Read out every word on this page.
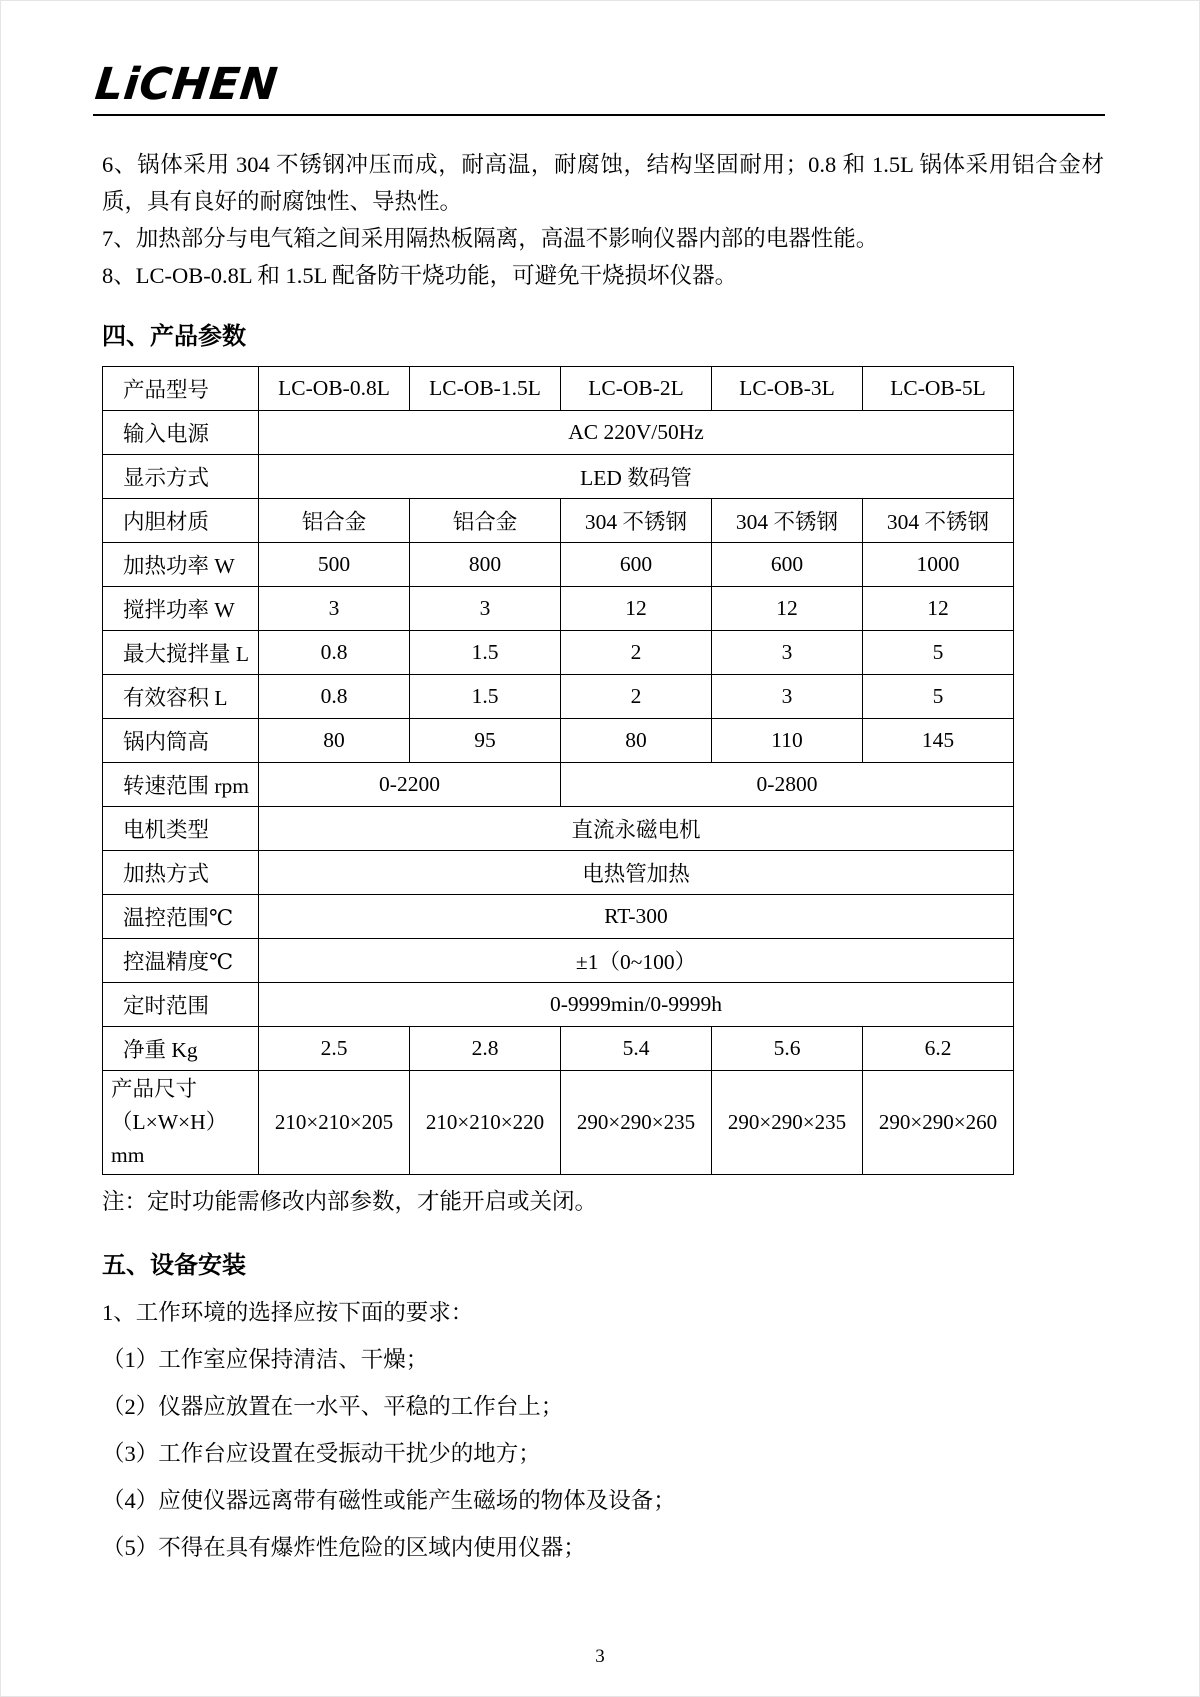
LiCHEN

6、锅体采用 304 不锈钢冲压而成，耐高温，耐腐蚀，结构坚固耐用；0.8 和 1.5L 锅体采用铝合金材质，具有良好的耐腐蚀性、导热性。

7、加热部分与电气箱之间采用隔热板隔离，高温不影响仪器内部的电器性能。

8、LC-OB-0.8L 和 1.5L 配备防干烧功能，可避免干烧损坏仪器。

四、产品参数
产品型号	LC-OB-0.8L	LC-OB-1.5L	LC-OB-2L	LC-OB-3L	LC-OB-5L
输入电源	AC 220V/50Hz				
显示方式	LED 数码管				
内胆材质	铝合金	铝合金	304 不锈钢	304 不锈钢	304 不锈钢
加热功率 W	500	800	600	600	1000
搅拌功率 W	3	3	12	12	12
最大搅拌量 L	0.8	1.5	2	3	5
有效容积 L	0.8	1.5	2	3	5
锅内筒高	80	95	80	110	145
转速范围 rpm	0-2200		0-2800		
电机类型	直流永磁电机				
加热方式	电热管加热				
温控范围℃	RT-300				
控温精度℃	±1（0~100）				
定时范围	0-9999min/0-9999h				
净重 Kg	2.5	2.8	5.4	5.6	6.2

产品尺寸
（L×W×H）mm	210×210×205	210×210×220	290×290×235	290×290×235	290×290×260

注：定时功能需修改内部参数，才能开启或关闭。

五、设备安装

1、工作环境的选择应按下面的要求：

（1）工作室应保持清洁、干燥；

（2）仪器应放置在一水平、平稳的工作台上；

（3）工作台应设置在受振动干扰少的地方；

（4）应使仪器远离带有磁性或能产生磁场的物体及设备；

（5）不得在具有爆炸性危险的区域内使用仪器；

3
